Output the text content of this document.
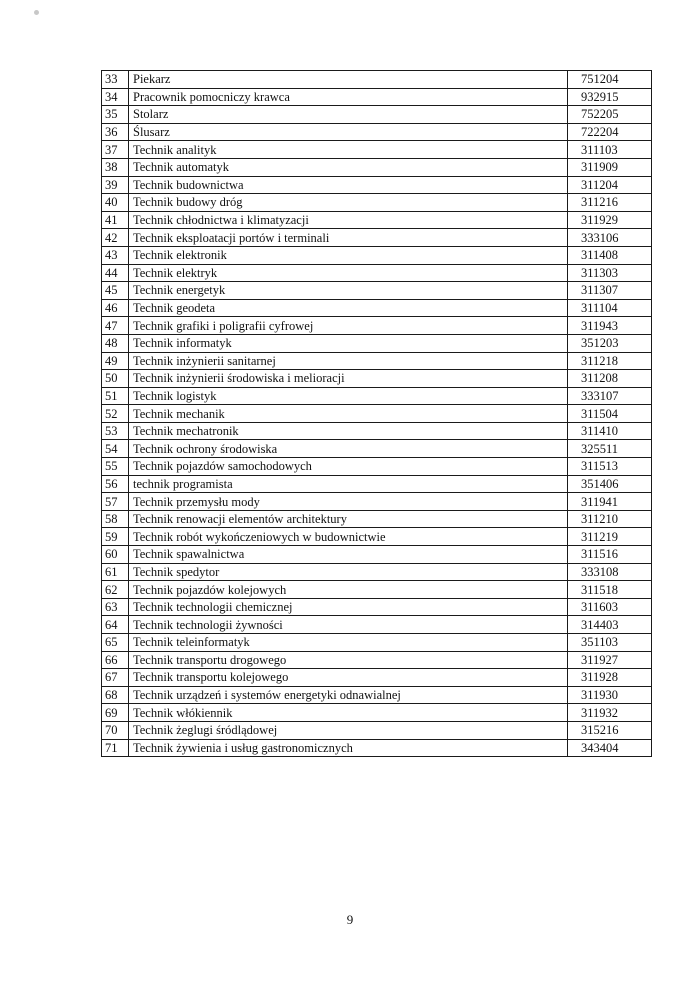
33	Piekarz	751204
34	Pracownik pomocniczy krawca	932915
35	Stolarz	752205
36	Ślusarz	722204
37	Technik analityk	311103
38	Technik automatyk	311909
39	Technik budownictwa	311204
40	Technik budowy dróg	311216
41	Technik chłodnictwa i klimatyzacji	311929
42	Technik eksploatacji portów i terminali	333106
43	Technik elektronik	311408
44	Technik elektryk	311303
45	Technik energetyk	311307
46	Technik geodeta	311104
47	Technik grafiki i poligrafii cyfrowej	311943
48	Technik informatyk	351203
49	Technik inżynierii sanitarnej	311218
50	Technik inżynierii środowiska i melioracji	311208
51	Technik logistyk	333107
52	Technik mechanik	311504
53	Technik mechatronik	311410
54	Technik ochrony środowiska	325511
55	Technik pojazdów samochodowych	311513
56	technik programista	351406
57	Technik przemysłu mody	311941
58	Technik renowacji elementów architektury	311210
59	Technik robót wykończeniowych w budownictwie	311219
60	Technik spawalnictwa	311516
61	Technik spedytor	333108
62	Technik pojazdów kolejowych	311518
63	Technik technologii chemicznej	311603
64	Technik technologii żywności	314403
65	Technik teleinformatyk	351103
66	Technik transportu drogowego	311927
67	Technik transportu kolejowego	311928
68	Technik urządzeń i systemów energetyki odnawialnej	311930
69	Technik włókiennik	311932
70	Technik żeglugi śródlądowej	315216
71	Technik żywienia i usług gastronomicznych	343404
9
